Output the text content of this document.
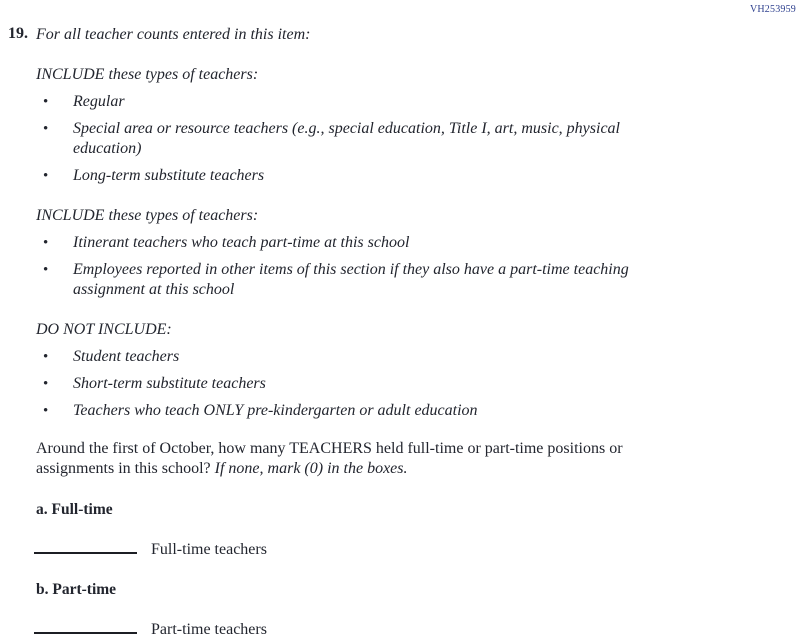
VH253959
19. For all teacher counts entered in this item:
INCLUDE these types of teachers:
•	Regular
•	Special area or resource teachers (e.g., special education, Title I, art, music, physical education)
•	Long-term substitute teachers
INCLUDE these types of teachers:
•	Itinerant teachers who teach part-time at this school
•	Employees reported in other items of this section if they also have a part-time teaching assignment at this school
DO NOT INCLUDE:
•	Student teachers
•	Short-term substitute teachers
•	Teachers who teach ONLY pre-kindergarten or adult education
Around the first of October, how many TEACHERS held full-time or part-time positions or assignments in this school? If none, mark (0) in the boxes.
a. Full-time
Full-time teachers
b. Part-time
Part-time teachers
